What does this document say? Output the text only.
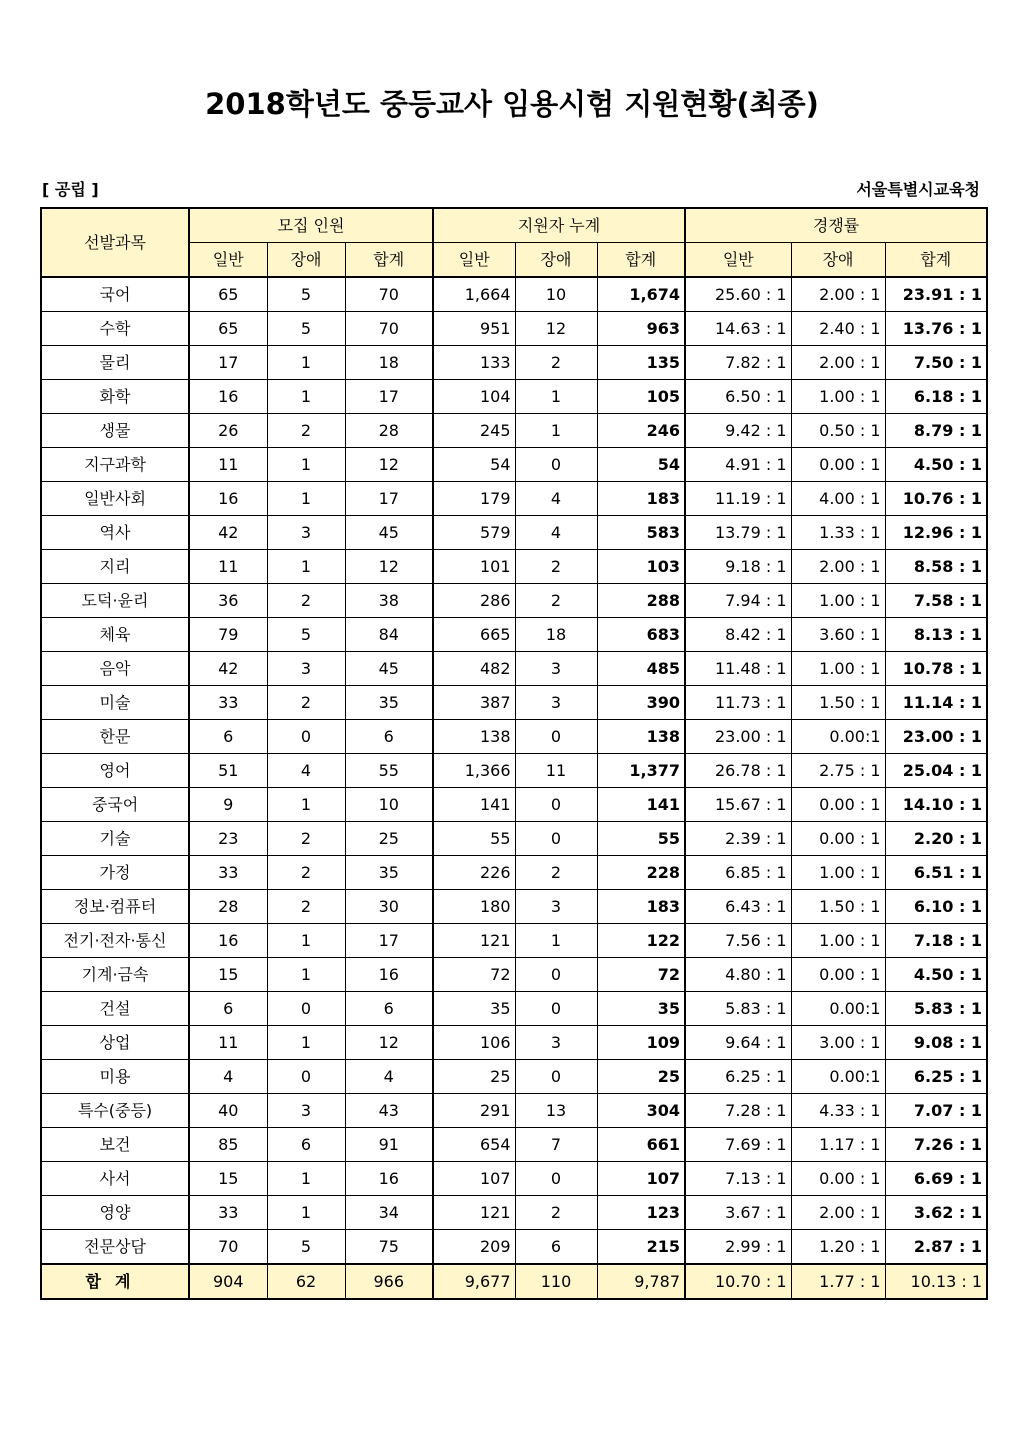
2018학년도 중등교사 임용시험 지원현황(최종)
[ 공립 ]	서울특별시교육청
선발과목	모집 인원			지원자 누계			경쟁률		
	일반	장애	합계	일반	장애	합계	일반	장애	합계
국어	65	5	70	1,664	10	1,674	25.60 : 1	2.00 : 1	23.91 : 1
수학	65	5	70	951	12	963	14.63 : 1	2.40 : 1	13.76 : 1
물리	17	1	18	133	2	135	7.82 : 1	2.00 : 1	7.50 : 1
화학	16	1	17	104	1	105	6.50 : 1	1.00 : 1	6.18 : 1
생물	26	2	28	245	1	246	9.42 : 1	0.50 : 1	8.79 : 1
지구과학	11	1	12	54	0	54	4.91 : 1	0.00 : 1	4.50 : 1
일반사회	16	1	17	179	4	183	11.19 : 1	4.00 : 1	10.76 : 1
역사	42	3	45	579	4	583	13.79 : 1	1.33 : 1	12.96 : 1
지리	11	1	12	101	2	103	9.18 : 1	2.00 : 1	8.58 : 1
도덕·윤리	36	2	38	286	2	288	7.94 : 1	1.00 : 1	7.58 : 1
체육	79	5	84	665	18	683	8.42 : 1	3.60 : 1	8.13 : 1
음악	42	3	45	482	3	485	11.48 : 1	1.00 : 1	10.78 : 1
미술	33	2	35	387	3	390	11.73 : 1	1.50 : 1	11.14 : 1
한문	6	0	6	138	0	138	23.00 : 1	0.00:1	23.00 : 1
영어	51	4	55	1,366	11	1,377	26.78 : 1	2.75 : 1	25.04 : 1
중국어	9	1	10	141	0	141	15.67 : 1	0.00 : 1	14.10 : 1
기술	23	2	25	55	0	55	2.39 : 1	0.00 : 1	2.20 : 1
가정	33	2	35	226	2	228	6.85 : 1	1.00 : 1	6.51 : 1
정보·컴퓨터	28	2	30	180	3	183	6.43 : 1	1.50 : 1	6.10 : 1
전기·전자·통신	16	1	17	121	1	122	7.56 : 1	1.00 : 1	7.18 : 1
기계·금속	15	1	16	72	0	72	4.80 : 1	0.00 : 1	4.50 : 1
건설	6	0	6	35	0	35	5.83 : 1	0.00:1	5.83 : 1
상업	11	1	12	106	3	109	9.64 : 1	3.00 : 1	9.08 : 1
미용	4	0	4	25	0	25	6.25 : 1	0.00:1	6.25 : 1
특수(중등)	40	3	43	291	13	304	7.28 : 1	4.33 : 1	7.07 : 1
보건	85	6	91	654	7	661	7.69 : 1	1.17 : 1	7.26 : 1
사서	15	1	16	107	0	107	7.13 : 1	0.00 : 1	6.69 : 1
영양	33	1	34	121	2	123	3.67 : 1	2.00 : 1	3.62 : 1
전문상담	70	5	75	209	6	215	2.99 : 1	1.20 : 1	2.87 : 1
합계	904	62	966	9,677	110	9,787	10.70 : 1	1.77 : 1	10.13 : 1
